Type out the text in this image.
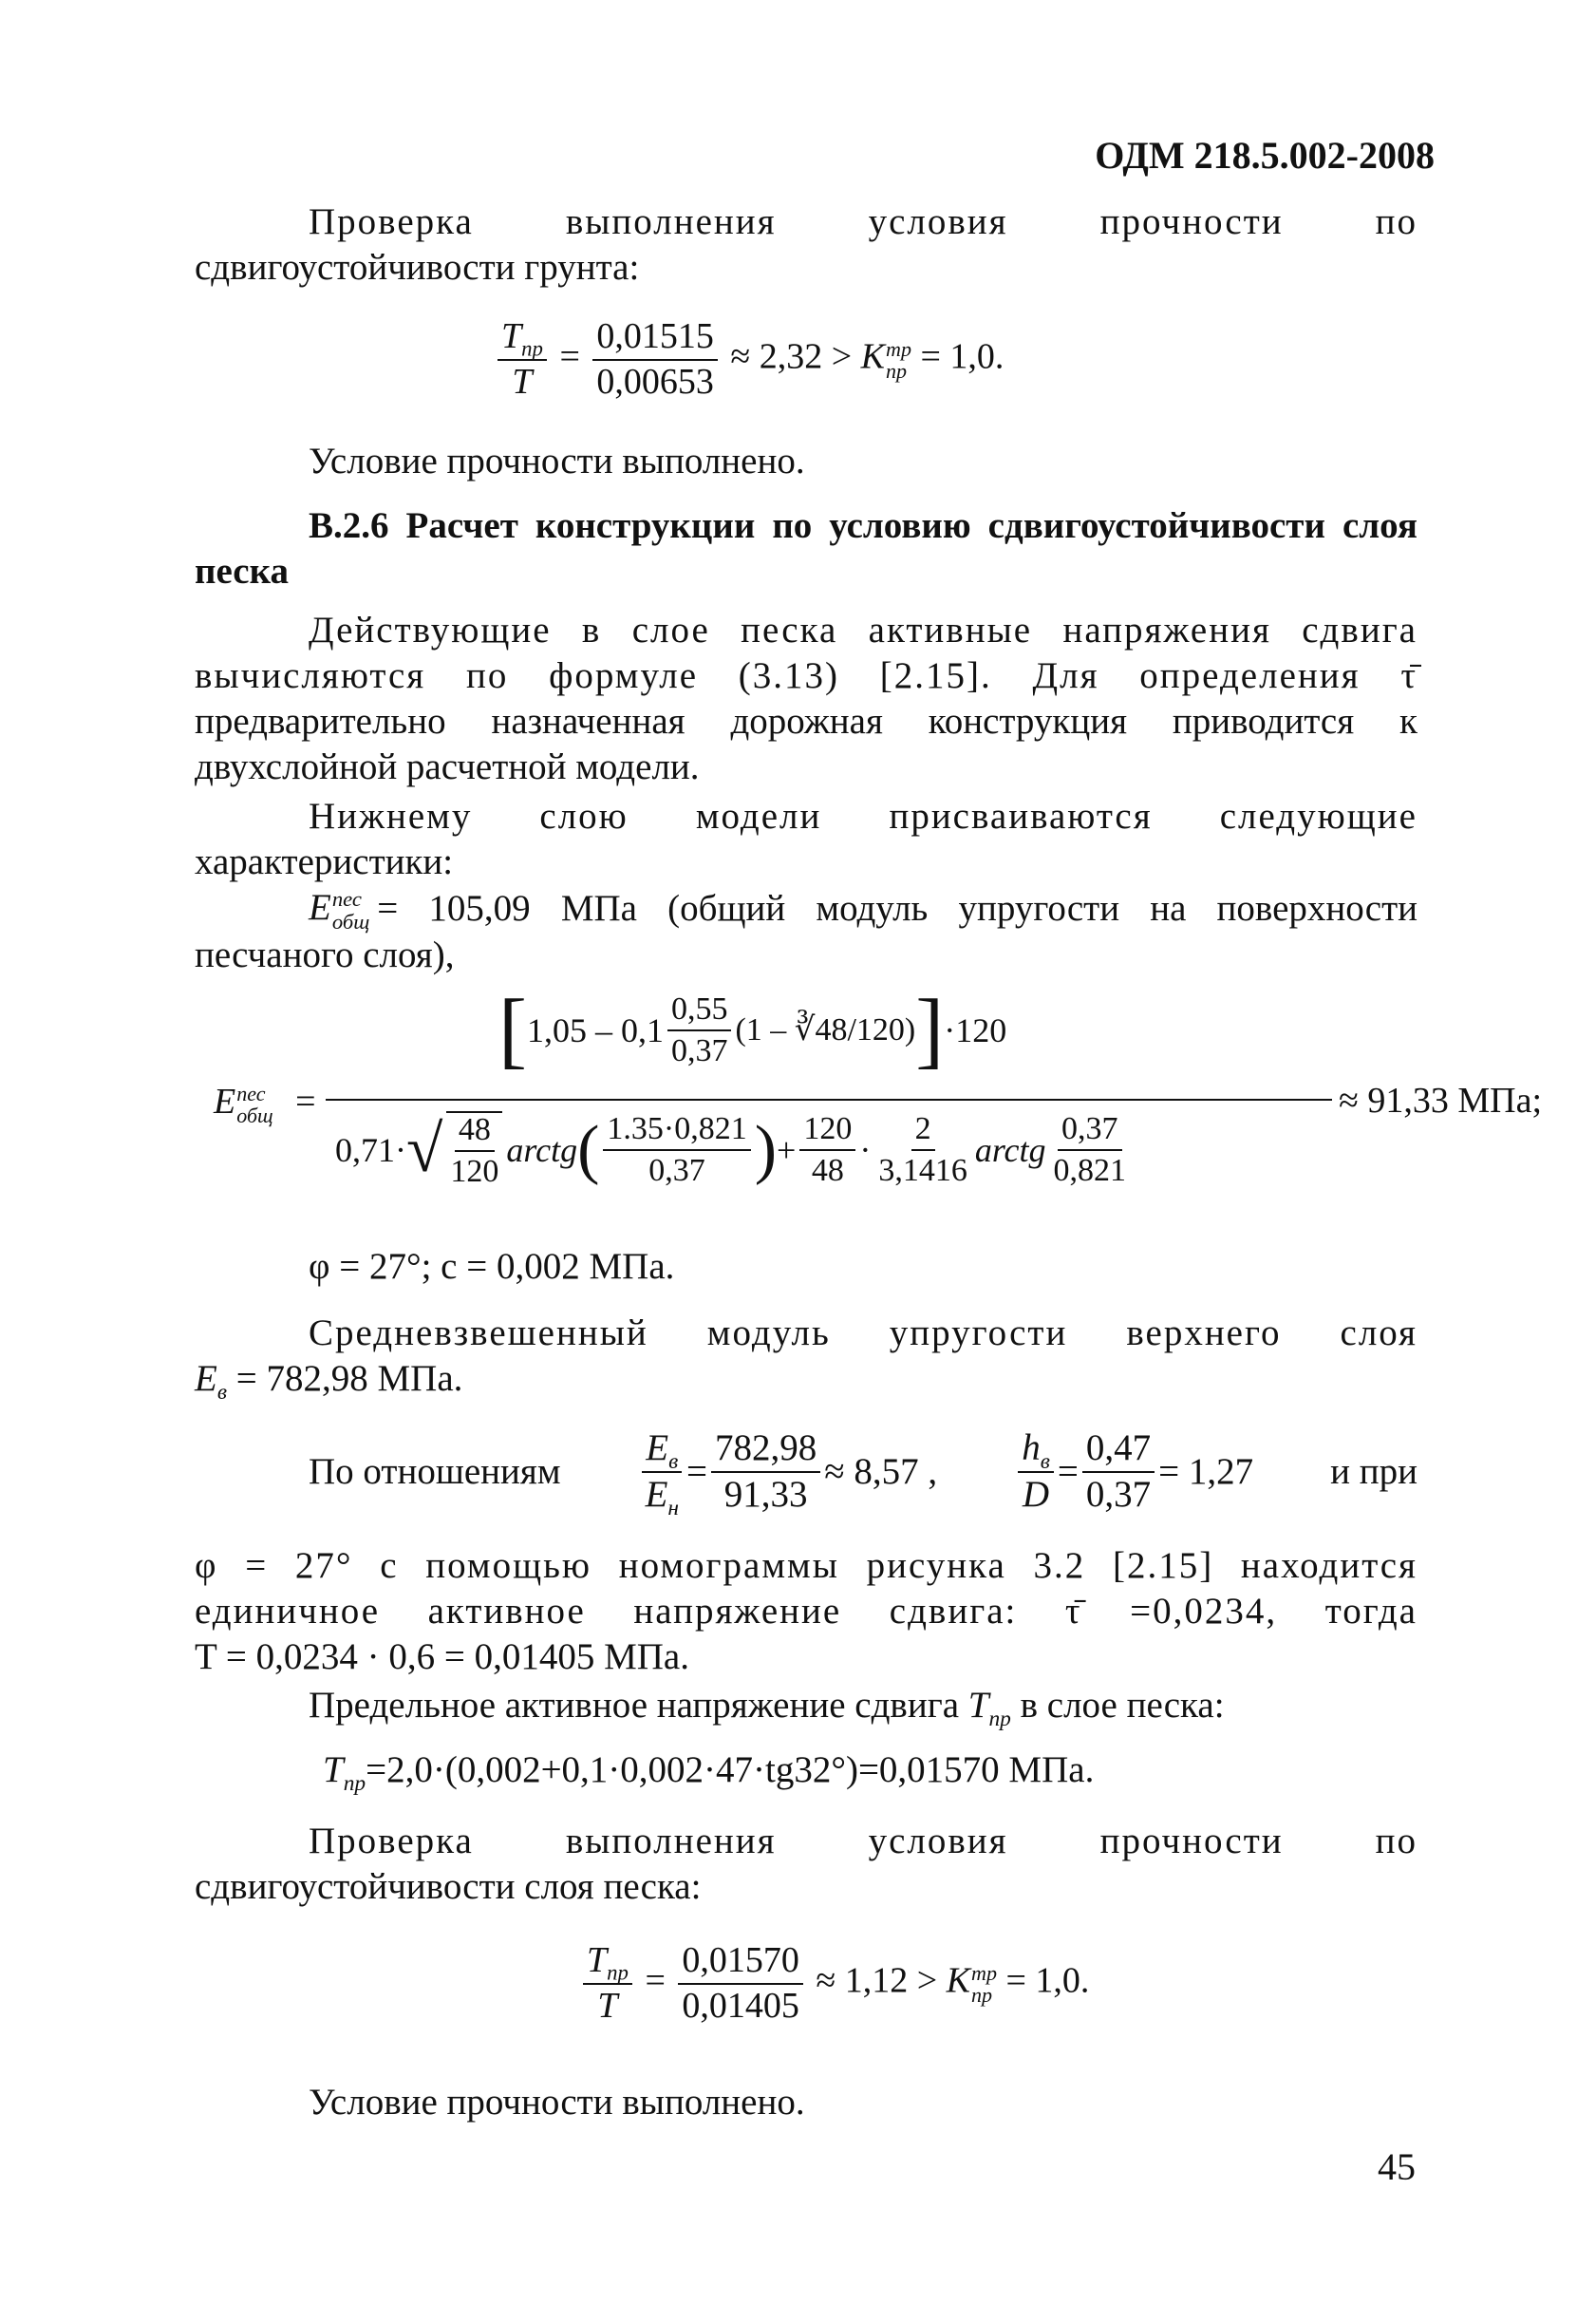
ОДМ 218.5.002-2008
Проверка выполнения условия прочности по
сдвигоустойчивости грунта:
$\frac{T_{пр}}{T} = \frac{0,01515}{0,00653} \approx 2,32 > K$ тр
пр = 1,0.
Условие прочности выполнено.
В.2.6 Расчет конструкции по условию сдвигоустойчивости слоя
песка
Действующие в слое песка активные напряжения сдвига
вычисляются по формуле (3.13) [2.15]. Для определения τ̄
предварительно назначенная дорожная конструкция приводится к
двухслойной расчетной модели.
Нижнему слою модели присваиваются следующие
характеристики:
E пес
общ = 105,09 МПа (общий модуль упругости на поверхности
песчаного слоя),
E пес
общ =
[ $1,05 - 0,1 \frac{0,55}{0,37} (1$ – ∛48/120) ] ·120
≈ 91,33 МПа;
0,71· √ $\frac{48}{120}$ arctg ( $\frac{1.35\cdot 0,821}{0,37}$ ) + $\frac{120}{48} \cdot \frac{2}{3,1416}$ arctg $\frac{0,37}{0,821}$
φ = 27°; с = 0,002 МПа.
Средневзвешенный модуль упругости верхнего слоя
$E_в = 782,98$ МПа.
По отношениям $\frac{E_в}{E_н} = \frac{782,98}{91,33} \approx 8,57$ , $\frac{h_в}{D} = \frac{0,47}{0,37} = 1,27$ и при
φ = 27° с помощью номограммы рисунка 3.2 [2.15] находится
единичное активное напряжение сдвига: τ̄ =0,0234, тогда
T = 0,0234 · 0,6 = 0,01405 МПа.
Предельное активное напряжение сдвига $T_{пр}$ в слое песка:
$T_{пр}=2,0\cdot(0,002+0,1\cdot 0,002\cdot 47\cdot tg32^\circ)=0,01570$ МПа.
Проверка выполнения условия прочности по
сдвигоустойчивости слоя песка:
$\frac{T_{пр}}{T} = \frac{0,01570}{0,01405} \approx 1,12 > K$ тр
пр = 1,0.
Условие прочности выполнено.
45
